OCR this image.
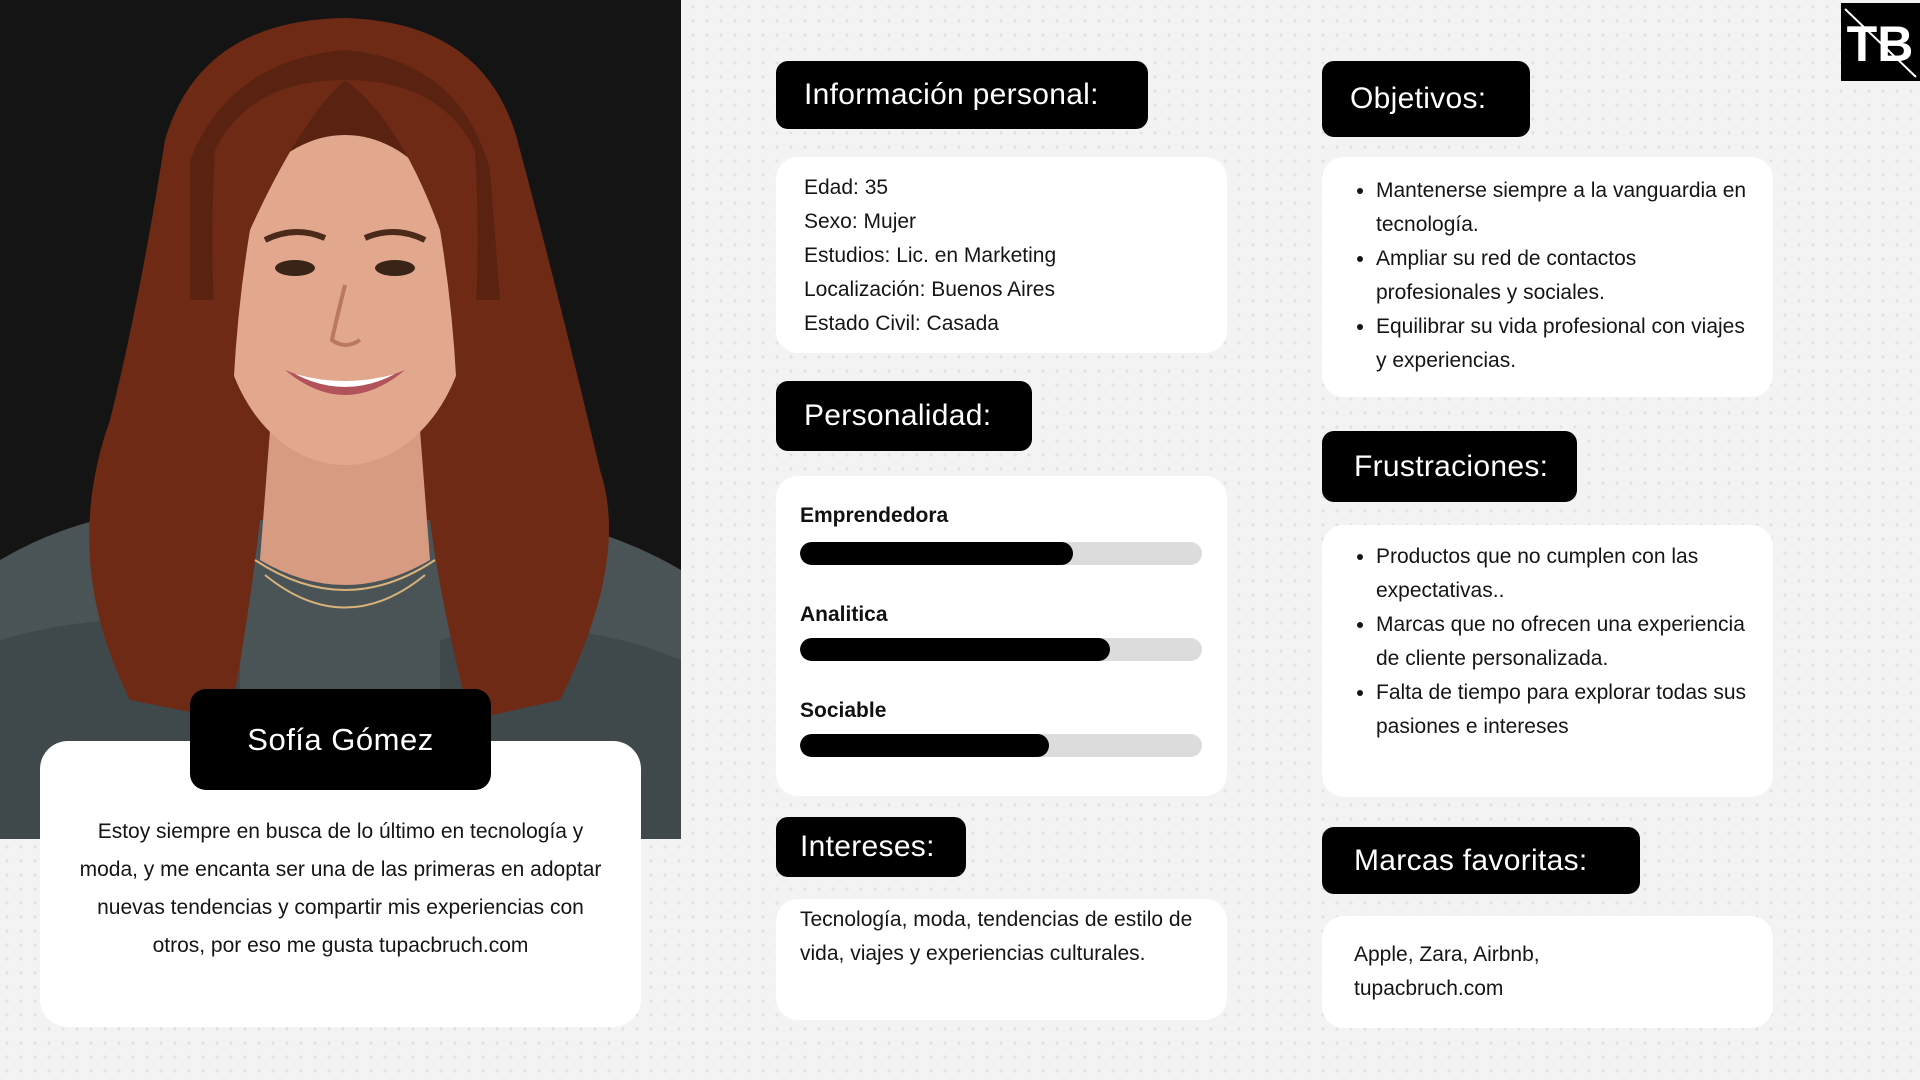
Estoy siempre en busca de lo último en tecnología y moda, y me encanta ser una de las primeras en adoptar nuevas tendencias y compartir mis experiencias con otros, por eso me gusta tupacbruch.com

Sofía Gómez
TB
Información personal:
Edad: 35
Sexo: Mujer
Estudios: Lic. en Marketing
Localización: Buenos Aires
Estado Civil: Casada
Personalidad:
Emprendedora
Analitica
Sociable
Intereses:

Tecnología, moda, tendencias de estilo de vida, viajes y experiencias culturales.

Objetivos:
• Mantenerse siempre a la vanguardia en tecnología.
• Ampliar su red de contactos profesionales y sociales.
• Equilibrar su vida profesional con viajes y experiencias.
Frustraciones:
• Productos que no cumplen con las expectativas..
• Marcas que no ofrecen una experiencia de cliente personalizada.
• Falta de tiempo para explorar todas sus pasiones e intereses
Marcas favoritas:

Apple, Zara, Airbnb, tupacbruch.com
